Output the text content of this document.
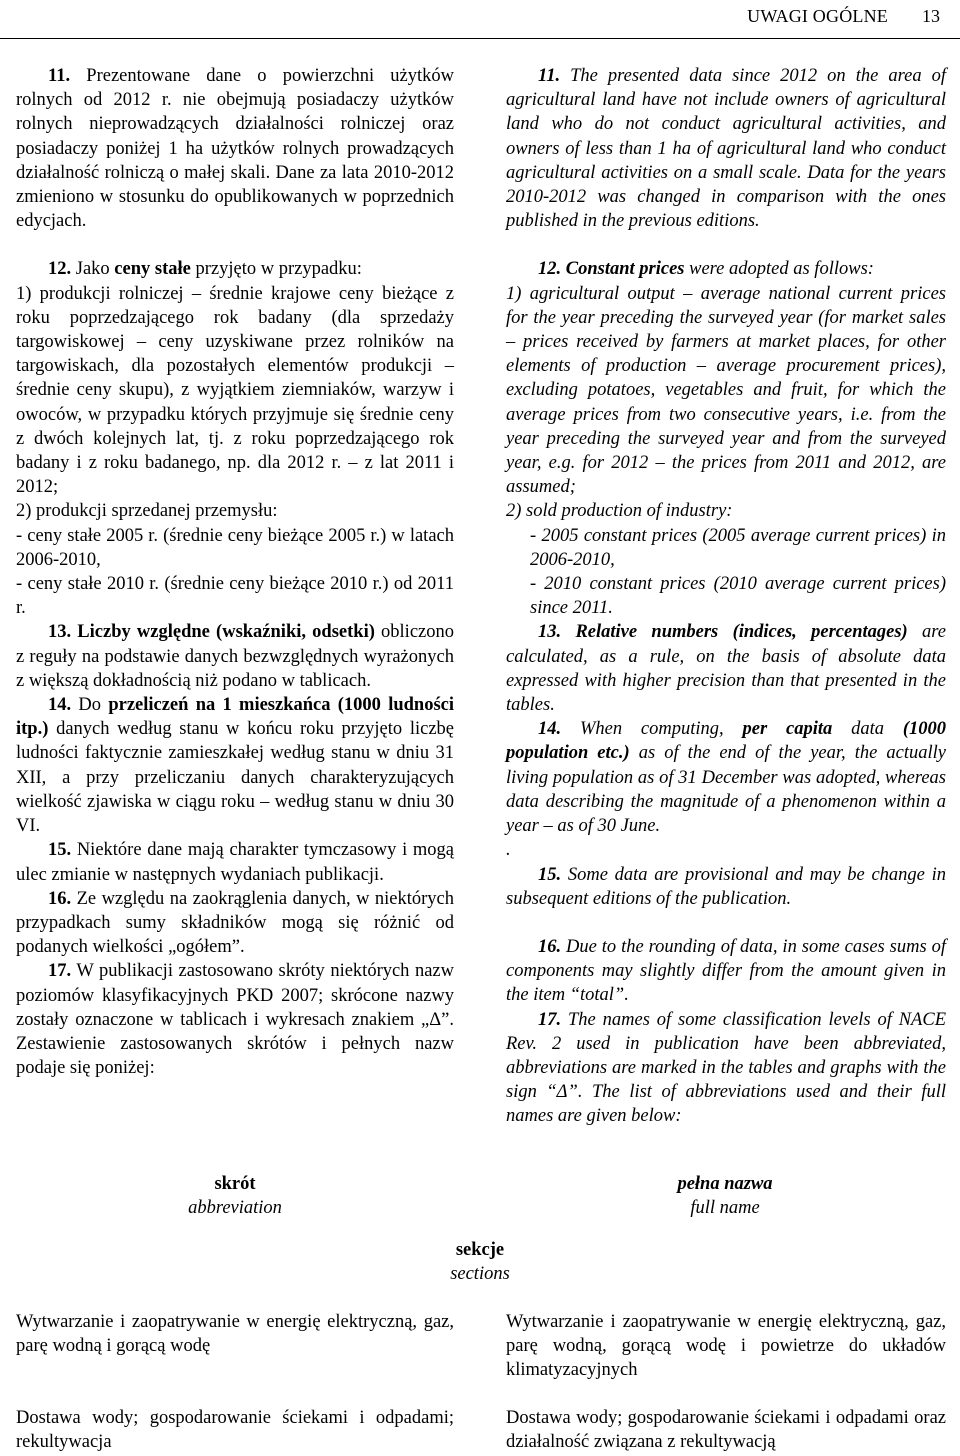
UWAGI OGÓLNE 13

11. Prezentowane dane o powierzchni użytków rolnych od 2012 r. nie obejmują posiadaczy użytków rolnych nieprowadzących działalności rolniczej oraz posiadaczy poniżej 1 ha użytków rolnych prowadzących działalność rolniczą o małej skali. Dane za lata 2010-2012 zmieniono w stosunku do opublikowanych w poprzednich edycjach.

12. Jako ceny stałe przyjęto w przypadku:

1) produkcji rolniczej – średnie krajowe ceny bieżące z roku poprzedzającego rok badany (dla sprzedaży targowiskowej – ceny uzyskiwane przez rolników na targowiskach, dla pozostałych elementów produkcji – średnie ceny skupu), z wyjątkiem ziemniaków, warzyw i owoców, w przypadku których przyjmuje się średnie ceny z dwóch kolejnych lat, tj. z roku poprzedzającego rok badany i z roku badanego, np. dla 2012 r. – z lat 2011 i 2012;

2) produkcji sprzedanej przemysłu:

- ceny stałe 2005 r. (średnie ceny bieżące 2005 r.) w latach 2006-2010,

- ceny stałe 2010 r. (średnie ceny bieżące 2010 r.) od 2011 r.

13. Liczby względne (wskaźniki, odsetki) obliczono z reguły na podstawie danych bezwzględnych wyrażonych z większą dokładnością niż podano w tablicach.

14. Do przeliczeń na 1 mieszkańca (1000 ludności itp.) danych według stanu w końcu roku przyjęto liczbę ludności faktycznie zamieszkałej według stanu w dniu 31 XII, a przy przeliczaniu danych charakteryzujących wielkość zjawiska w ciągu roku – według stanu w dniu 30 VI.

15. Niektóre dane mają charakter tymczasowy i mogą ulec zmianie w następnych wydaniach publikacji.

16. Ze względu na zaokrąglenia danych, w niektórych przypadkach sumy składników mogą się różnić od podanych wielkości „ogółem”.

17. W publikacji zastosowano skróty niektórych nazw poziomów klasyfikacyjnych PKD 2007; skrócone nazwy zostały oznaczone w tablicach i wykresach znakiem „Δ”. Zestawienie zastosowanych skrótów i pełnych nazw podaje się poniżej:

11. The presented data since 2012 on the area of agricultural land have not include owners of agricultural land who do not conduct agricultural activities, and owners of less than 1 ha of agricultural land who conduct agricultural activities on a small scale. Data for the years 2010-2012 was changed in comparison with the ones published in the previous editions.

12. Constant prices were adopted as follows:

1) agricultural output – average national current prices for the year preceding the surveyed year (for market sales – prices received by farmers at market places, for other elements of production – average procurement prices), excluding potatoes, vegetables and fruit, for which the average prices from two consecutive years, i.e. from the year preceding the surveyed year and from the surveyed year, e.g. for 2012 – the prices from 2011 and 2012, are assumed;

2) sold production of industry:

- 2005 constant prices (2005 average current prices) in 2006-2010,

- 2010 constant prices (2010 average current prices) since 2011.

13. Relative numbers (indices, percentages) are calculated, as a rule, on the basis of absolute data expressed with higher precision than that presented in the tables.

14. When computing, per capita data (1000 population etc.) as of the end of the year, the actually living population as of 31 December was adopted, whereas data describing the magnitude of a phenomenon within a year – as of 30 June.

.

15. Some data are provisional and may be change in subsequent editions of the publication.

16. Due to the rounding of data, in some cases sums of components may slightly differ from the amount given in the item “total”.

17. The names of some classification levels of NACE Rev. 2 used in publication have been abbreviated, abbreviations are marked in the tables and graphs with the sign “Δ”. The list of abbreviations used and their full names are given below:

skrót
abbreviation
pełna nazwa
full name
sekcje
sections
Wytwarzanie i zaopatrywanie w energię elektryczną, gaz, parę wodną i gorącą wodę
Wytwarzanie i zaopatrywanie w energię elektryczną, gaz, parę wodną, gorącą wodę i powietrze do układów klimatyzacyjnych
Dostawa wody; gospodarowanie ściekami i odpadami; rekultywacja
Dostawa wody; gospodarowanie ściekami i odpadami oraz działalność związana z rekultywacją
